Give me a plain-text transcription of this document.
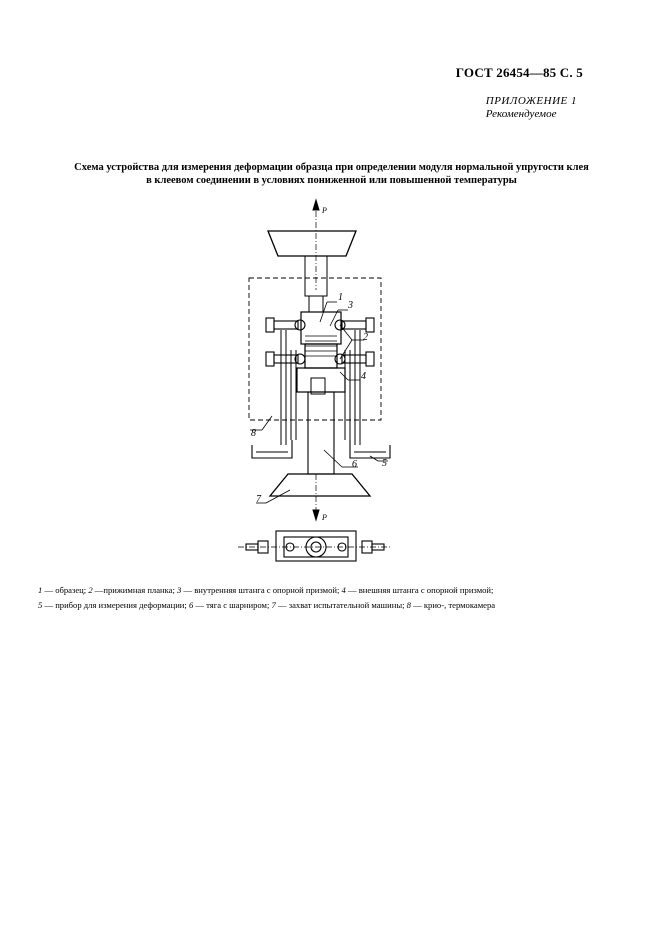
ГОСТ 26454—85 С. 5
ПРИЛОЖЕНИЕ 1
Рекомендуемое
Схема устройства для измерения деформации образца при определении модуля нормальной упругости клея
в клеевом соединении в условиях пониженной или повышенной температуры
P
P
1
3
2
4
5
6
7
8
1 — образец; 2 —прижимная планка; 3 — внутренняя штанга с опорной призмой; 4 — внешняя штанга с опорной призмой;
5 — прибор для измерения деформации; 6 — тяга с шарниром; 7 — захват испытательной машины; 8 — крио-, термокамера
